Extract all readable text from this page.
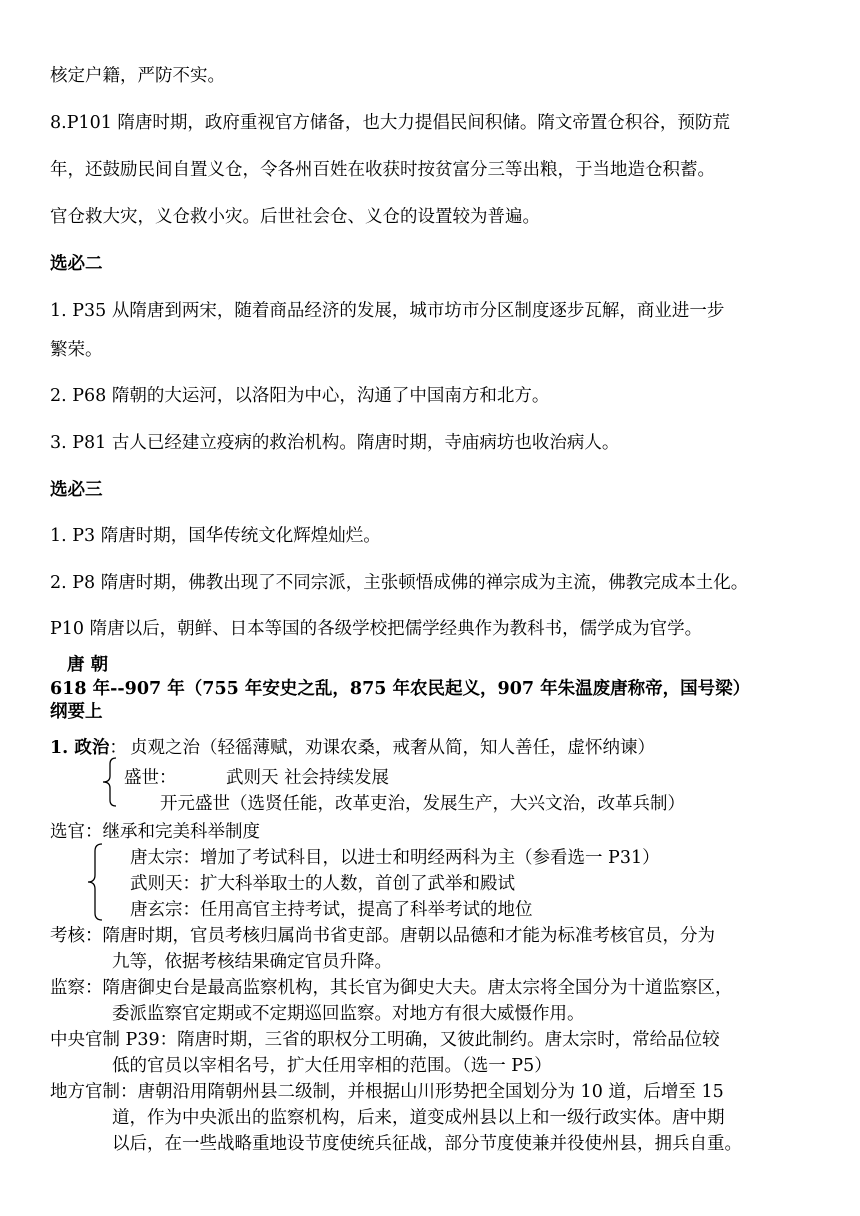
核定户籍，严防不实。
8.P101 隋唐时期，政府重视官方储备，也大力提倡民间积储。隋文帝置仓积谷，预防荒
年，还鼓励民间自置义仓，令各州百姓在收获时按贫富分三等出粮，于当地造仓积蓄。
官仓救大灾，义仓救小灾。后世社会仓、义仓的设置较为普遍。
选必二
1. P35 从隋唐到两宋，随着商品经济的发展，城市坊市分区制度逐步瓦解，商业进一步
繁荣。
2. P68 隋朝的大运河，以洛阳为中心，沟通了中国南方和北方。
3. P81 古人已经建立疫病的救治机构。隋唐时期，寺庙病坊也收治病人。
选必三
1. P3 隋唐时期，国华传统文化辉煌灿烂。
2. P8 隋唐时期，佛教出现了不同宗派，主张顿悟成佛的禅宗成为主流，佛教完成本土化。
P10 隋唐以后，朝鲜、日本等国的各级学校把儒学经典作为教科书，儒学成为官学。
唐 朝
618 年--907 年（755 年安史之乱，875 年农民起义，907 年朱温废唐称帝，国号梁）
纲要上
1. 政治： 贞观之治（轻徭薄赋，劝课农桑，戒奢从简，知人善任，虚怀纳谏）
盛世：	武则天 社会持续发展
开元盛世（选贤任能，改革吏治，发展生产，大兴文治，改革兵制）
选官：继承和完美科举制度
唐太宗：增加了考试科目，以进士和明经两科为主（参看选一 P31）
武则天：扩大科举取士的人数，首创了武举和殿试
唐玄宗：任用高官主持考试，提高了科举考试的地位
考核：隋唐时期，官员考核归属尚书省吏部。唐朝以品德和才能为标准考核官员，分为
九等，依据考核结果确定官员升降。
监察：隋唐御史台是最高监察机构，其长官为御史大夫。唐太宗将全国分为十道监察区，
委派监察官定期或不定期巡回监察。对地方有很大威慑作用。
中央官制 P39：隋唐时期，三省的职权分工明确，又彼此制约。唐太宗时，常给品位较
低的官员以宰相名号，扩大任用宰相的范围。（选一 P5）
地方官制：唐朝沿用隋朝州县二级制，并根据山川形势把全国划分为 10 道，后增至 15
道，作为中央派出的监察机构，后来，道变成州县以上和一级行政实体。唐中期
以后，在一些战略重地设节度使统兵征战，部分节度使兼并役使州县，拥兵自重。
